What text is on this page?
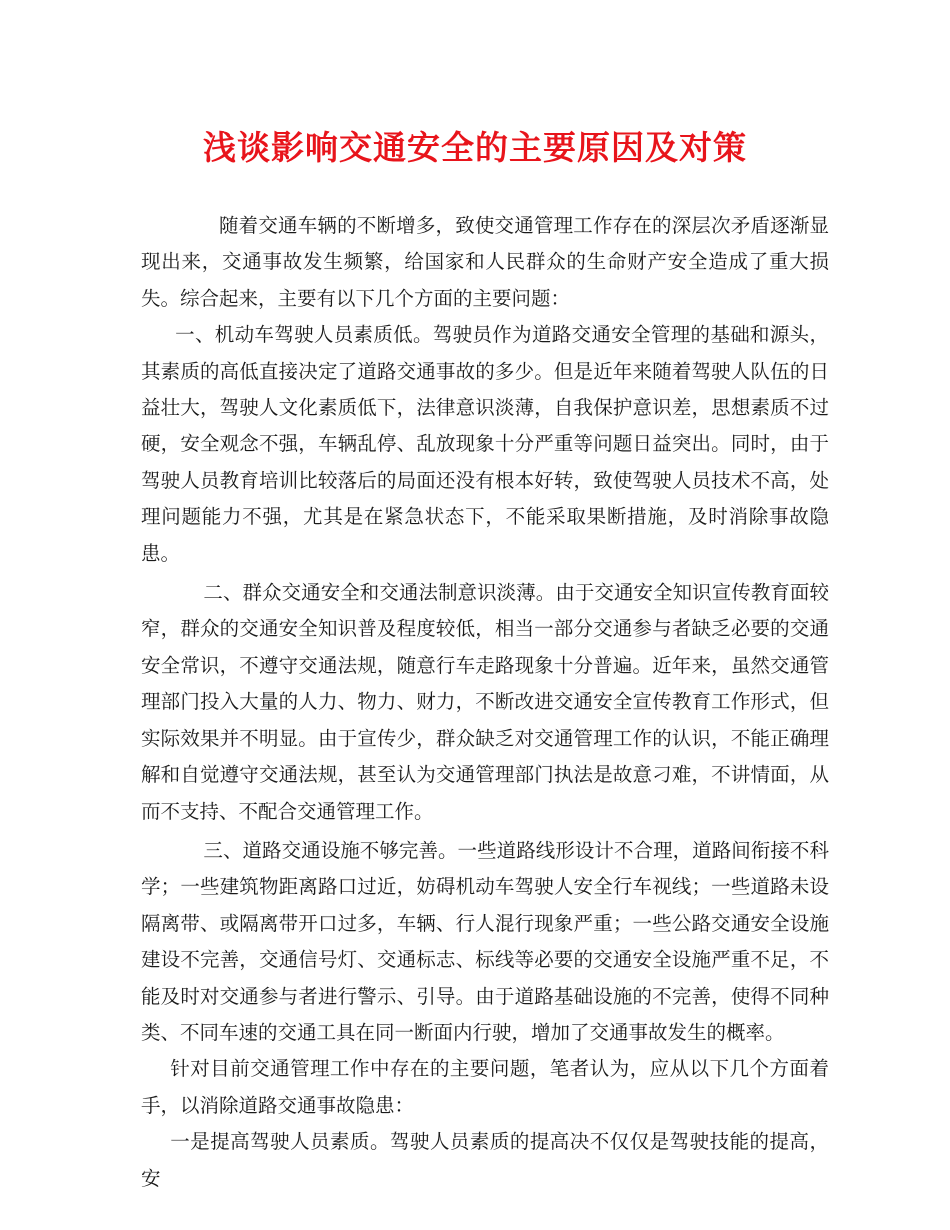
浅谈影响交通安全的主要原因及对策

随着交通车辆的不断增多，致使交通管理工作存在的深层次矛盾逐渐显现出来，交通事故发生频繁，给国家和人民群众的生命财产安全造成了重大损失。综合起来，主要有以下几个方面的主要问题：

一、机动车驾驶人员素质低。驾驶员作为道路交通安全管理的基础和源头，其素质的高低直接决定了道路交通事故的多少。但是近年来随着驾驶人队伍的日益壮大，驾驶人文化素质低下，法律意识淡薄，自我保护意识差，思想素质不过硬，安全观念不强，车辆乱停、乱放现象十分严重等问题日益突出。同时，由于驾驶人员教育培训比较落后的局面还没有根本好转，致使驾驶人员技术不高，处理问题能力不强，尤其是在紧急状态下，不能采取果断措施，及时消除事故隐患。

二、群众交通安全和交通法制意识淡薄。由于交通安全知识宣传教育面较窄，群众的交通安全知识普及程度较低，相当一部分交通参与者缺乏必要的交通安全常识，不遵守交通法规，随意行车走路现象十分普遍。近年来，虽然交通管理部门投入大量的人力、物力、财力，不断改进交通安全宣传教育工作形式，但实际效果并不明显。由于宣传少，群众缺乏对交通管理工作的认识，不能正确理解和自觉遵守交通法规，甚至认为交通管理部门执法是故意刁难，不讲情面，从而不支持、不配合交通管理工作。

三、道路交通设施不够完善。一些道路线形设计不合理，道路间衔接不科学；一些建筑物距离路口过近，妨碍机动车驾驶人安全行车视线；一些道路未设隔离带、或隔离带开口过多，车辆、行人混行现象严重；一些公路交通安全设施建设不完善，交通信号灯、交通标志、标线等必要的交通安全设施严重不足，不能及时对交通参与者进行警示、引导。由于道路基础设施的不完善，使得不同种类、不同车速的交通工具在同一断面内行驶，增加了交通事故发生的概率。

针对目前交通管理工作中存在的主要问题，笔者认为，应从以下几个方面着手，以消除道路交通事故隐患：

一是提高驾驶人员素质。驾驶人员素质的提高决不仅仅是驾驶技能的提高，安
